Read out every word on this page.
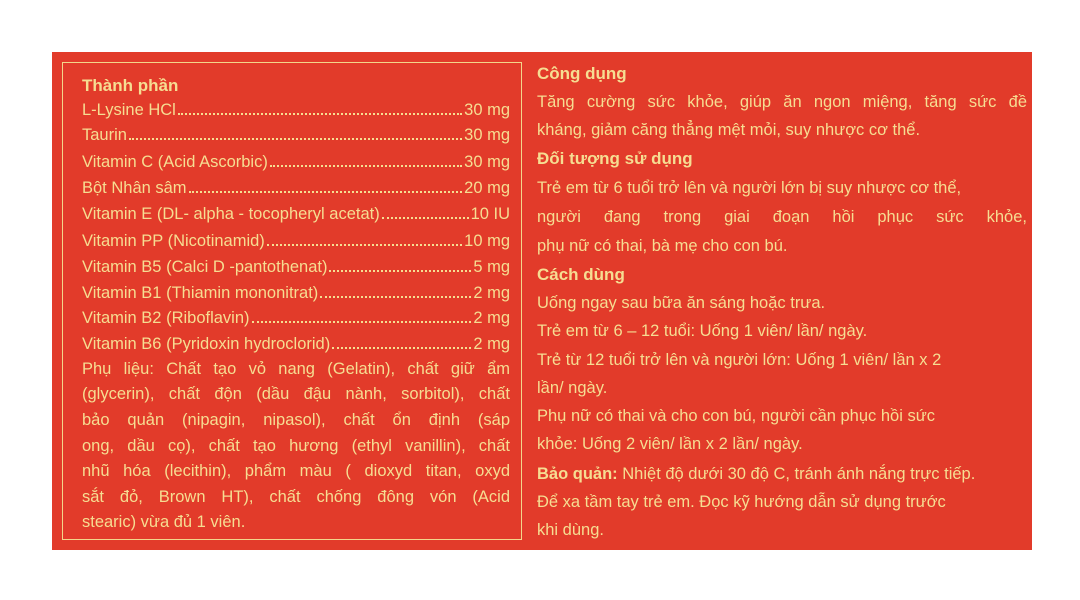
Thành phần
L-Lysine HCl	30 mg
Taurin	30 mg
Vitamin C (Acid Ascorbic)	30 mg
Bột Nhân sâm	20 mg
Vitamin E (DL- alpha - tocopheryl acetat)	10 IU
Vitamin PP (Nicotinamid)	10 mg
Vitamin B5 (Calci D -pantothenat)	5 mg
Vitamin B1 (Thiamin mononitrat)	2 mg
Vitamin B2 (Riboflavin)	2 mg
Vitamin B6 (Pyridoxin hydroclorid)	2 mg
Phụ liệu: Chất tạo vỏ nang (Gelatin), chất giữ ẩm
(glycerin), chất độn (dầu đậu nành, sorbitol), chất
bảo quản (nipagin, nipasol), chất ổn định (sáp
ong, dầu cọ), chất tạo hương (ethyl vanillin), chất
nhũ hóa (lecithin), phẩm màu ( dioxyd titan, oxyd
sắt đỏ, Brown HT), chất chống đông vón (Acid
stearic) vừa đủ 1 viên.
Công dụng
Tăng cường sức khỏe, giúp ăn ngon miệng, tăng sức đề
kháng, giảm căng thẳng mệt mỏi, suy nhược cơ thể.
Đối tượng sử dụng
Trẻ em từ 6 tuổi trở lên và người lớn bị suy nhược cơ thể,
người đang trong giai đoạn hồi phục sức khỏe,
phụ nữ có thai, bà mẹ cho con bú.
Cách dùng
Uống ngay sau bữa ăn sáng hoặc trưa.
Trẻ em từ 6 – 12 tuổi: Uống 1 viên/ lần/ ngày.
Trẻ từ 12 tuổi trở lên và người lớn: Uống 1 viên/ lần x 2
lần/ ngày.
Phụ nữ có thai và cho con bú, người cần phục hồi sức
khỏe: Uống 2 viên/ lần x 2 lần/ ngày.
Bảo quản: Nhiệt độ dưới 30 độ C, tránh ánh nắng trực tiếp.
Để xa tầm tay trẻ em. Đọc kỹ hướng dẫn sử dụng trước
khi dùng.
